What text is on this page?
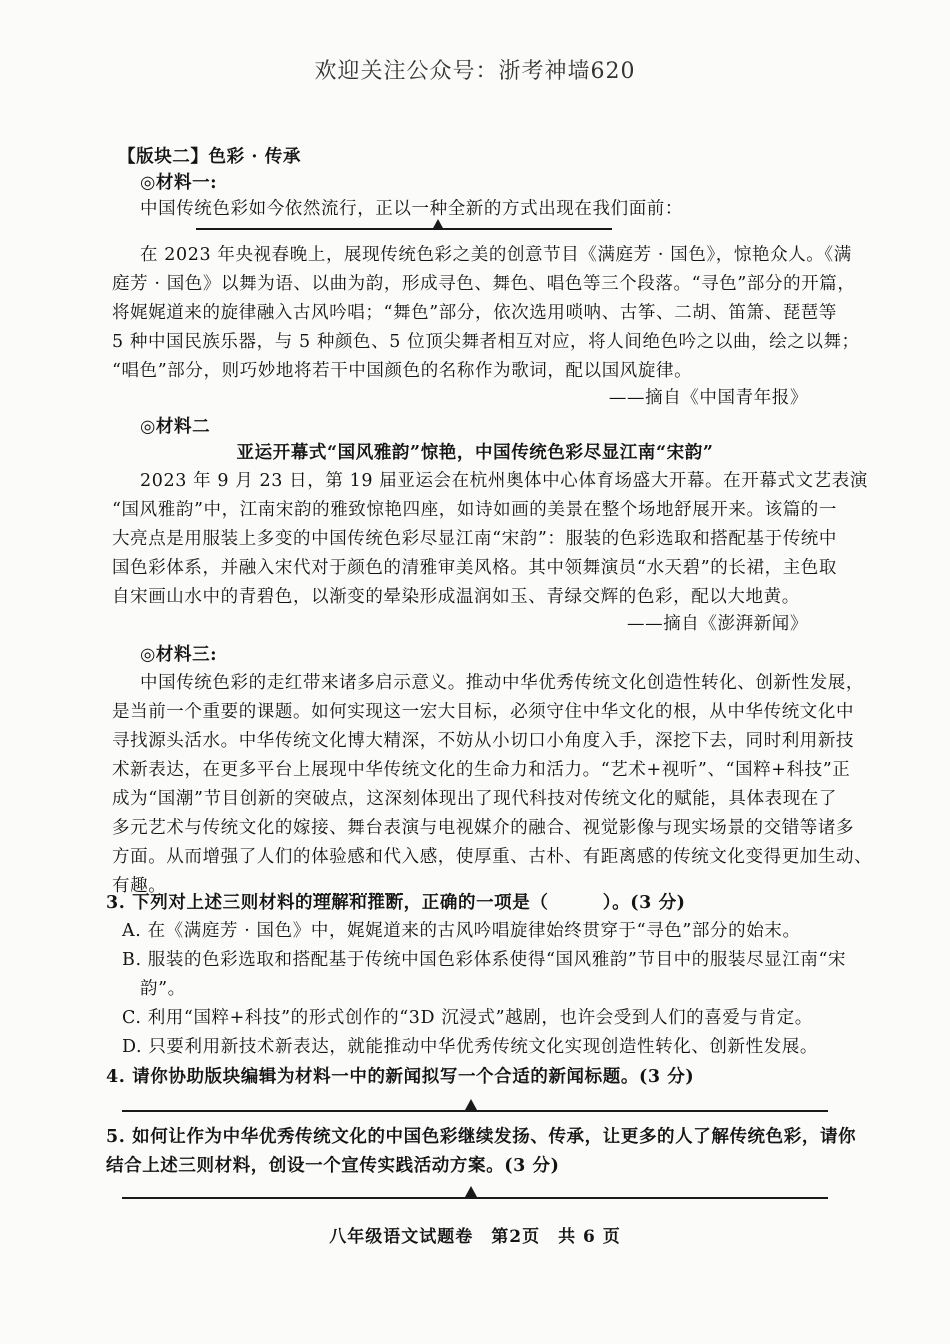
欢迎关注公众号：浙考神墙620
【版块二】色彩 · 传承
◎材料一:
中国传统色彩如今依然流行，正以一种全新的方式出现在我们面前：
在 2023 年央视春晚上，展现传统色彩之美的创意节目《满庭芳 · 国色》，惊艳众人。《满
庭芳 · 国色》以舞为语、以曲为韵，形成寻色、舞色、唱色等三个段落。“寻色”部分的开篇，
将娓娓道来的旋律融入古风吟唱；“舞色”部分，依次选用唢呐、古筝、二胡、笛箫、琵琶等
5 种中国民族乐器，与 5 种颜色、5 位顶尖舞者相互对应，将人间绝色吟之以曲，绘之以舞；
“唱色”部分，则巧妙地将若干中国颜色的名称作为歌词，配以国风旋律。
——摘自《中国青年报》
◎材料二
亚运开幕式“国风雅韵”惊艳，中国传统色彩尽显江南“宋韵”
2023 年 9 月 23 日，第 19 届亚运会在杭州奥体中心体育场盛大开幕。在开幕式文艺表演
“国风雅韵”中，江南宋韵的雅致惊艳四座，如诗如画的美景在整个场地舒展开来。该篇的一
大亮点是用服装上多变的中国传统色彩尽显江南“宋韵”：服装的色彩选取和搭配基于传统中
国色彩体系，并融入宋代对于颜色的清雅审美风格。其中领舞演员“水天碧”的长裙，主色取
自宋画山水中的青碧色，以渐变的晕染形成温润如玉、青绿交辉的色彩，配以大地黄。
——摘自《澎湃新闻》
◎材料三:
中国传统色彩的走红带来诸多启示意义。推动中华优秀传统文化创造性转化、创新性发展，
是当前一个重要的课题。如何实现这一宏大目标，必须守住中华文化的根，从中华传统文化中
寻找源头活水。中华传统文化博大精深，不妨从小切口小角度入手，深挖下去，同时利用新技
术新表达，在更多平台上展现中华传统文化的生命力和活力。“艺术+视听”、“国粹+科技”正
成为“国潮”节目创新的突破点，这深刻体现出了现代科技对传统文化的赋能，具体表现在了
多元艺术与传统文化的嫁接、舞台表演与电视媒介的融合、视觉影像与现实场景的交错等诸多
方面。从而增强了人们的体验感和代入感，使厚重、古朴、有距离感的传统文化变得更加生动、
有趣。
3. 下列对上述三则材料的理解和推断，正确的一项是（　　　）。(3 分)
A. 在《满庭芳 · 国色》中，娓娓道来的古风吟唱旋律始终贯穿于“寻色”部分的始末。
B. 服装的色彩选取和搭配基于传统中国色彩体系使得“国风雅韵”节目中的服装尽显江南“宋
韵”。
C. 利用“国粹+科技”的形式创作的“3D 沉浸式”越剧，也许会受到人们的喜爱与肯定。
D. 只要利用新技术新表达，就能推动中华优秀传统文化实现创造性转化、创新性发展。
4. 请你协助版块编辑为材料一中的新闻拟写一个合适的新闻标题。(3 分)
八年级语文试题卷　第2页　共 6 页
5. 如何让作为中华优秀传统文化的中国色彩继续发扬、传承，让更多的人了解传统色彩，请你
结合上述三则材料，创设一个宣传实践活动方案。(3 分)
